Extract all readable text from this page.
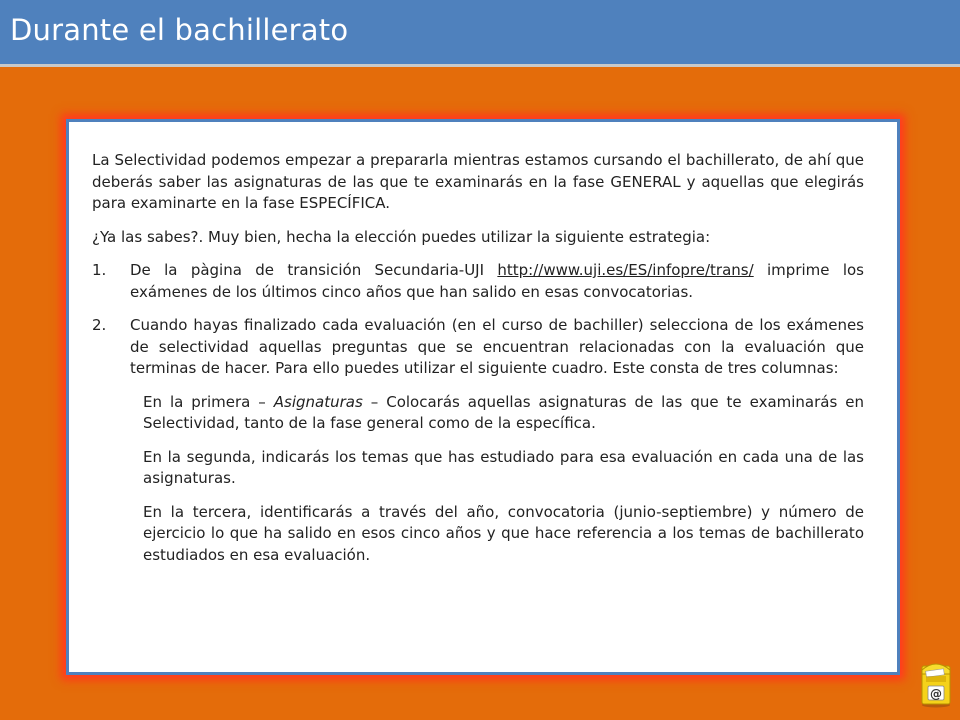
Durante el bachillerato

La Selectividad podemos empezar a prepararla mientras estamos cursando el bachillerato, de ahí que deberás saber las asignaturas de las que te examinarás en la fase GENERAL y aquellas que elegirás para examinarte en la fase ESPECÍFICA.

¿Ya las sabes?. Muy bien, hecha la elección puedes utilizar la siguiente estrategia:

1.	De la pàgina de transición Secundaria-UJI http://www.uji.es/ES/infopre/trans/ imprime los exámenes de los últimos cinco años que han salido en esas convocatorias.
2.	Cuando hayas finalizado cada evaluación (en el curso de bachiller) selecciona de los exámenes de selectividad aquellas preguntas que se encuentran relacionadas con la evaluación que terminas de hacer. Para ello puedes utilizar el siguiente cuadro. Este consta de tres columnas:

En la primera – Asignaturas – Colocarás aquellas asignaturas de las que te examinarás en Selectividad, tanto de la fase general como de la específica.

En la segunda, indicarás los temas que has estudiado para esa evaluación en cada una de las asignaturas.

En la tercera, identificarás a través del año, convocatoria (junio-septiembre) y número de ejercicio lo que ha salido en esos cinco años y que hace referencia a los temas de bachillerato estudiados en esa evaluación.

@
